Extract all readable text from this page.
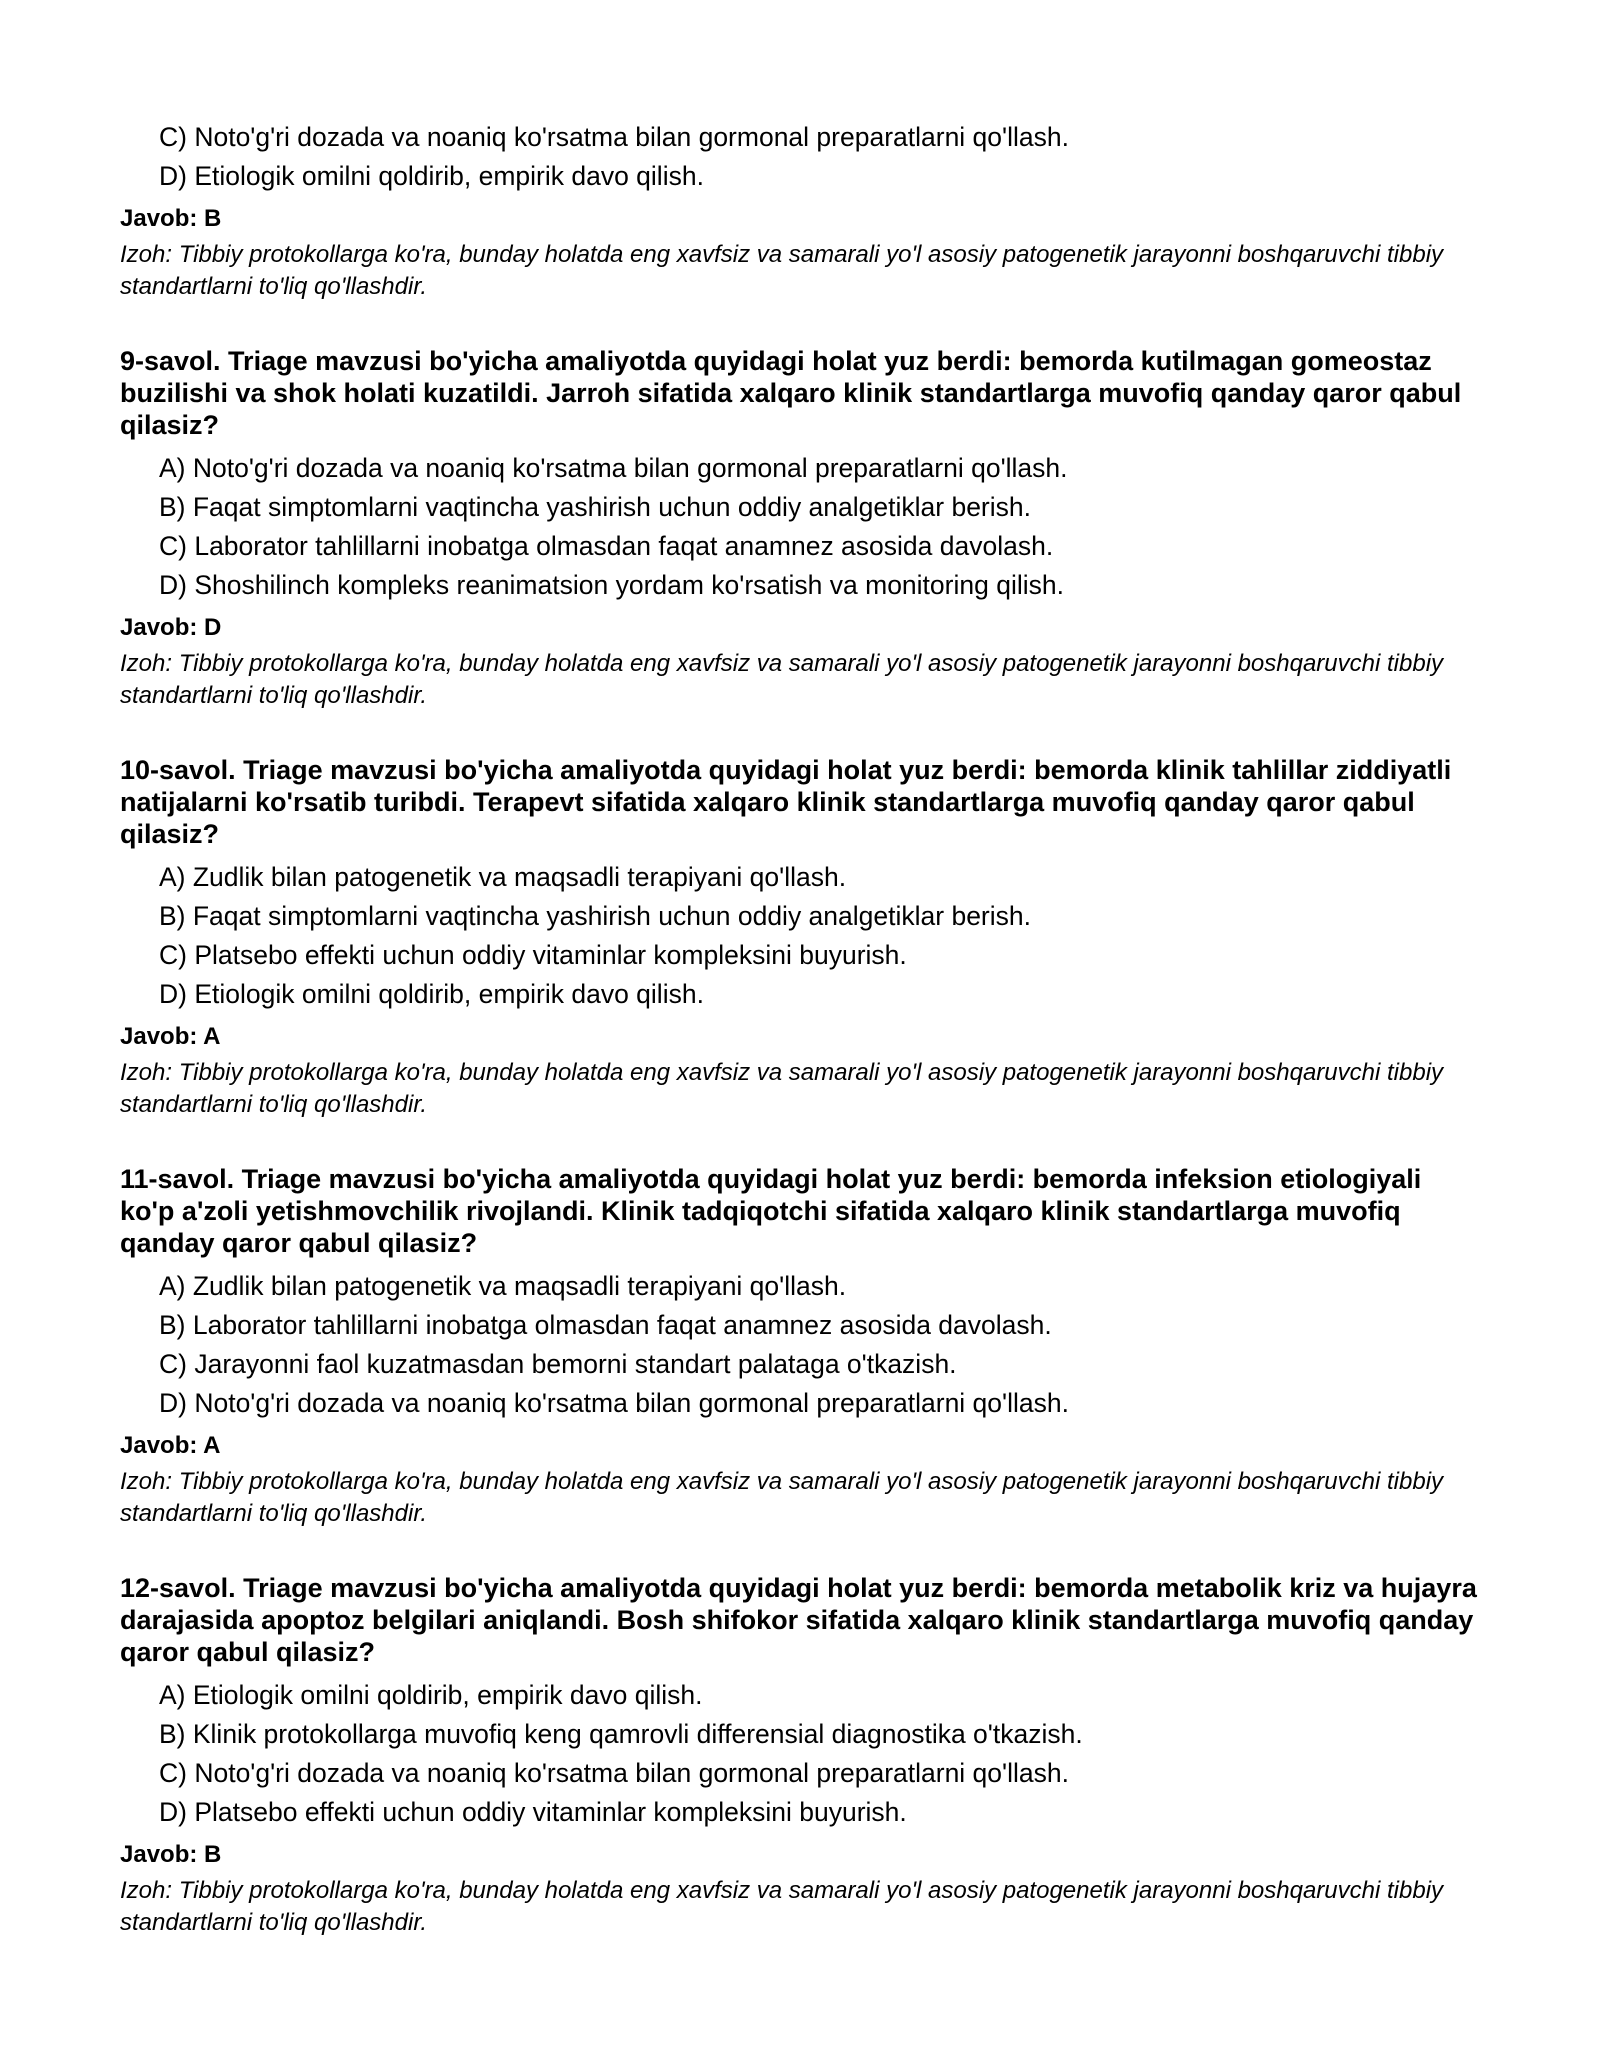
C) Noto'g'ri dozada va noaniq ko'rsatma bilan gormonal preparatlarni qo'llash.
D) Etiologik omilni qoldirib, empirik davo qilish.
Javob: B
Izoh: Tibbiy protokollarga ko'ra, bunday holatda eng xavfsiz va samarali yo'l asosiy patogenetik jarayonni boshqaruvchi tibbiy standartlarni to'liq qo'llashdir.
9-savol. Triage mavzusi bo'yicha amaliyotda quyidagi holat yuz berdi: bemorda kutilmagan gomeostaz buzilishi va shok holati kuzatildi. Jarroh sifatida xalqaro klinik standartlarga muvofiq qanday qaror qabul qilasiz?
A) Noto'g'ri dozada va noaniq ko'rsatma bilan gormonal preparatlarni qo'llash.
B) Faqat simptomlarni vaqtincha yashirish uchun oddiy analgetiklar berish.
C) Laborator tahlillarni inobatga olmasdan faqat anamnez asosida davolash.
D) Shoshilinch kompleks reanimatsion yordam ko'rsatish va monitoring qilish.
Javob: D
Izoh: Tibbiy protokollarga ko'ra, bunday holatda eng xavfsiz va samarali yo'l asosiy patogenetik jarayonni boshqaruvchi tibbiy standartlarni to'liq qo'llashdir.
10-savol. Triage mavzusi bo'yicha amaliyotda quyidagi holat yuz berdi: bemorda klinik tahlillar ziddiyatli natijalarni ko'rsatib turibdi. Terapevt sifatida xalqaro klinik standartlarga muvofiq qanday qaror qabul qilasiz?
A) Zudlik bilan patogenetik va maqsadli terapiyani qo'llash.
B) Faqat simptomlarni vaqtincha yashirish uchun oddiy analgetiklar berish.
C) Platsebo effekti uchun oddiy vitaminlar kompleksini buyurish.
D) Etiologik omilni qoldirib, empirik davo qilish.
Javob: A
Izoh: Tibbiy protokollarga ko'ra, bunday holatda eng xavfsiz va samarali yo'l asosiy patogenetik jarayonni boshqaruvchi tibbiy standartlarni to'liq qo'llashdir.
11-savol. Triage mavzusi bo'yicha amaliyotda quyidagi holat yuz berdi: bemorda infeksion etiologiyali ko'p a'zoli yetishmovchilik rivojlandi. Klinik tadqiqotchi sifatida xalqaro klinik standartlarga muvofiq qanday qaror qabul qilasiz?
A) Zudlik bilan patogenetik va maqsadli terapiyani qo'llash.
B) Laborator tahlillarni inobatga olmasdan faqat anamnez asosida davolash.
C) Jarayonni faol kuzatmasdan bemorni standart palataga o'tkazish.
D) Noto'g'ri dozada va noaniq ko'rsatma bilan gormonal preparatlarni qo'llash.
Javob: A
Izoh: Tibbiy protokollarga ko'ra, bunday holatda eng xavfsiz va samarali yo'l asosiy patogenetik jarayonni boshqaruvchi tibbiy standartlarni to'liq qo'llashdir.
12-savol. Triage mavzusi bo'yicha amaliyotda quyidagi holat yuz berdi: bemorda metabolik kriz va hujayra darajasida apoptoz belgilari aniqlandi. Bosh shifokor sifatida xalqaro klinik standartlarga muvofiq qanday qaror qabul qilasiz?
A) Etiologik omilni qoldirib, empirik davo qilish.
B) Klinik protokollarga muvofiq keng qamrovli differensial diagnostika o'tkazish.
C) Noto'g'ri dozada va noaniq ko'rsatma bilan gormonal preparatlarni qo'llash.
D) Platsebo effekti uchun oddiy vitaminlar kompleksini buyurish.
Javob: B
Izoh: Tibbiy protokollarga ko'ra, bunday holatda eng xavfsiz va samarali yo'l asosiy patogenetik jarayonni boshqaruvchi tibbiy standartlarni to'liq qo'llashdir.
